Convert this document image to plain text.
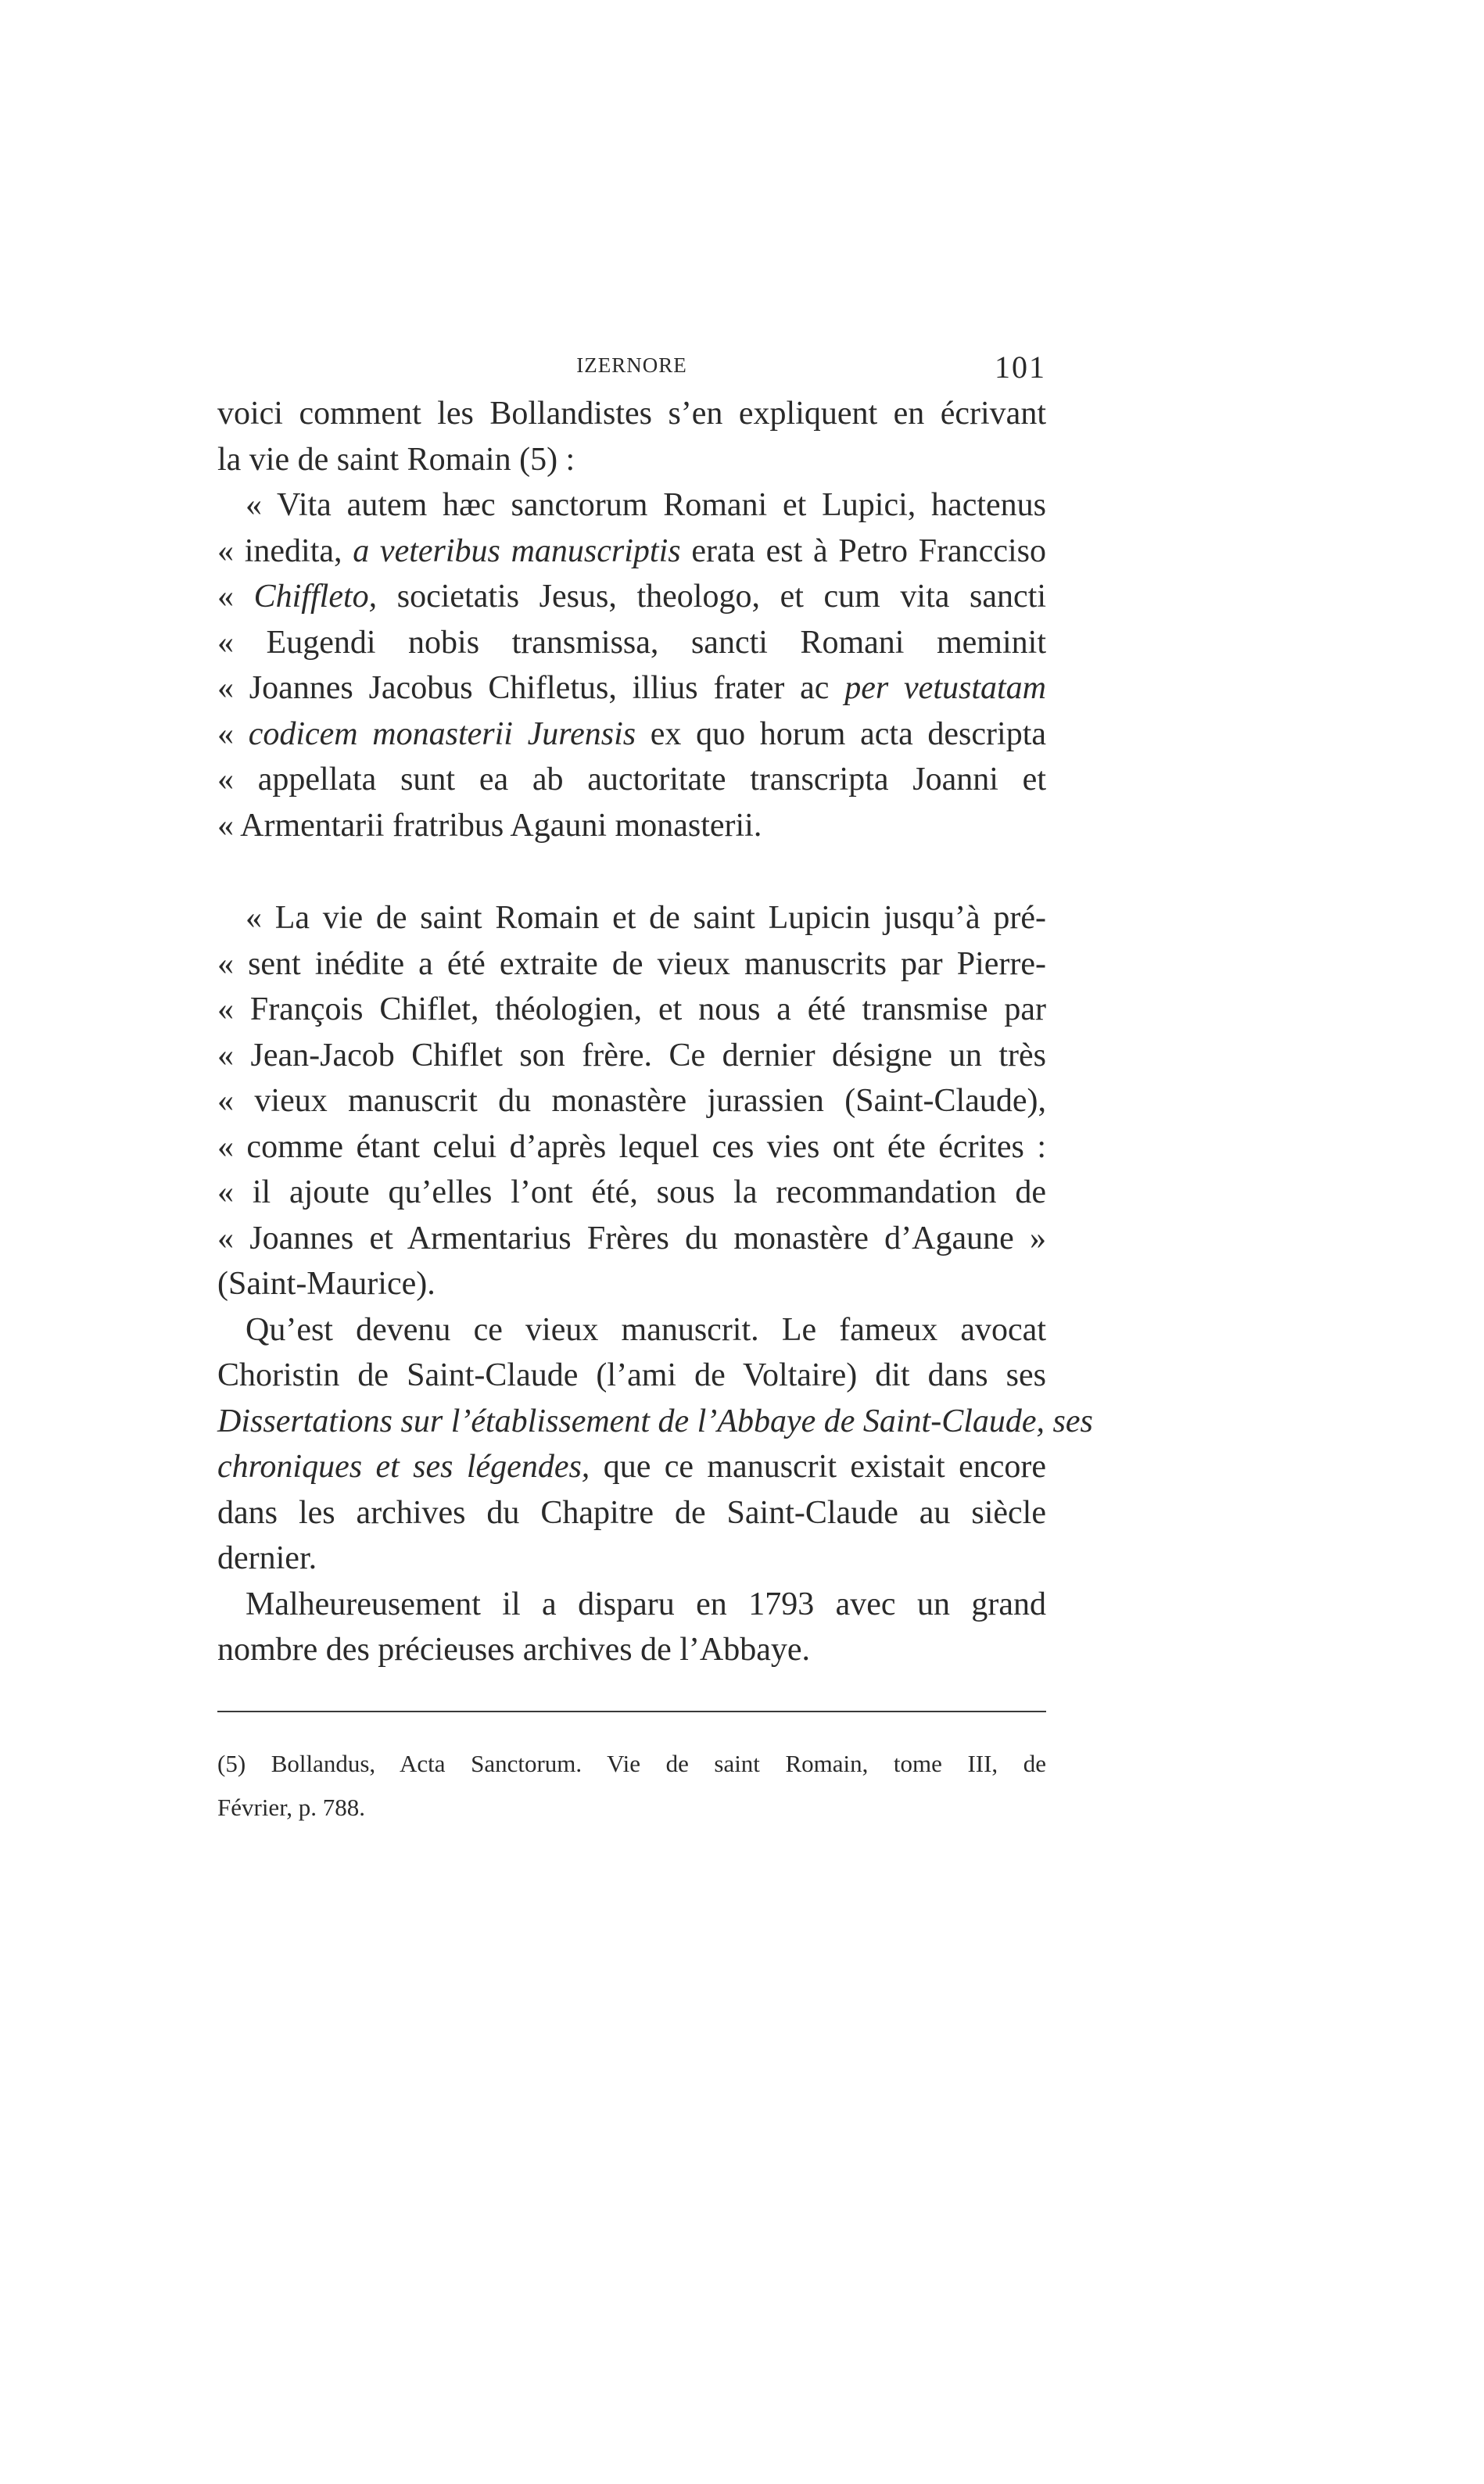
IZERNORE	101
voici comment les Bollandistes s’en expliquent en écrivant
la vie de saint Romain (5) :
« Vita autem hæc sanctorum Romani et Lupici, hactenus
« inedita, a veteribus manuscriptis erata est à Petro Francciso
« Chiffleto, societatis Jesus, theologo, et cum vita sancti
« Eugendi nobis transmissa, sancti Romani meminit
« Joannes Jacobus Chifletus, illius frater ac per vetustatam
« codicem monasterii Jurensis ex quo horum acta descripta
« appellata sunt ea ab auctoritate transcripta Joanni et
« Armentarii fratribus Agauni monasterii.
« La vie de saint Romain et de saint Lupicin jusqu’à pré-
« sent inédite a été extraite de vieux manuscrits par Pierre-
« François Chiflet, théologien, et nous a été transmise par
« Jean-Jacob Chiflet son frère. Ce dernier désigne un très
« vieux manuscrit du monastère jurassien (Saint-Claude),
« comme étant celui d’après lequel ces vies ont éte écrites :
« il ajoute qu’elles l’ont été, sous la recommandation de
« Joannes et Armentarius Frères du monastère d’Agaune »
(Saint-Maurice).
Qu’est devenu ce vieux manuscrit. Le fameux avocat
Choristin de Saint-Claude (l’ami de Voltaire) dit dans ses
Dissertations sur l’établissement de l’Abbaye de Saint-Claude, ses
chroniques et ses légendes, que ce manuscrit existait encore
dans les archives du Chapitre de Saint-Claude au siècle
dernier.
Malheureusement il a disparu en 1793 avec un grand
nombre des précieuses archives de l’Abbaye.
(5) Bollandus, Acta Sanctorum. Vie de saint Romain, tome III, de
Février, p. 788.
